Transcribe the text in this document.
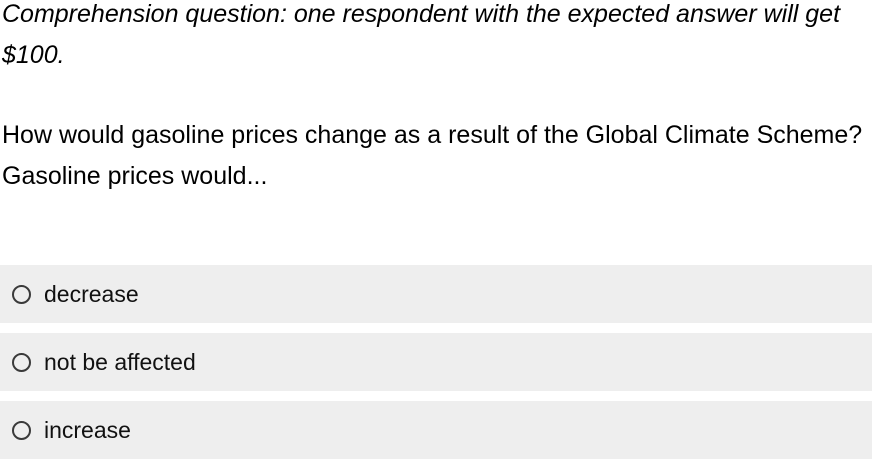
Comprehension question: one respondent with the expected answer will get $100.

How would gasoline prices change as a result of the Global Climate Scheme?
Gasoline prices would...
decrease
not be affected
increase
